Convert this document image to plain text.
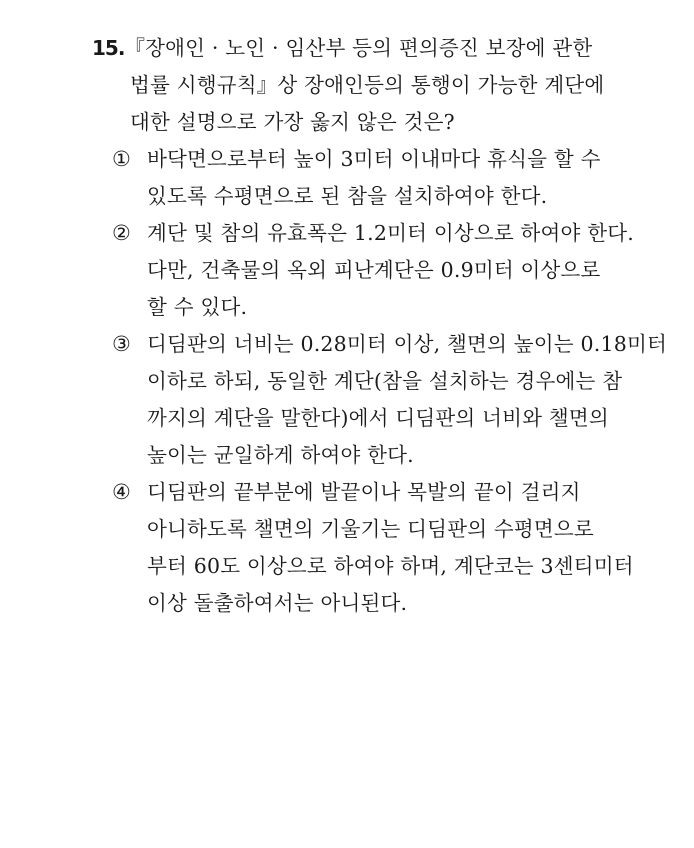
15.『장애인 · 노인 · 임산부 등의 편의증진 보장에 관한
법률 시행규칙』상 장애인등의 통행이 가능한 계단에
대한 설명으로 가장 옳지 않은 것은?
① 바닥면으로부터 높이 3미터 이내마다 휴식을 할 수
있도록 수평면으로 된 참을 설치하여야 한다.
② 계단 및 참의 유효폭은 1.2미터 이상으로 하여야 한다.
다만, 건축물의 옥외 피난계단은 0.9미터 이상으로
할 수 있다.
③ 디딤판의 너비는 0.28미터 이상, 챌면의 높이는 0.18미터
이하로 하되, 동일한 계단(참을 설치하는 경우에는 참
까지의 계단을 말한다)에서 디딤판의 너비와 챌면의
높이는 균일하게 하여야 한다.
④ 디딤판의 끝부분에 발끝이나 목발의 끝이 걸리지
아니하도록 챌면의 기울기는 디딤판의 수평면으로
부터 60도 이상으로 하여야 하며, 계단코는 3센티미터
이상 돌출하여서는 아니된다.
